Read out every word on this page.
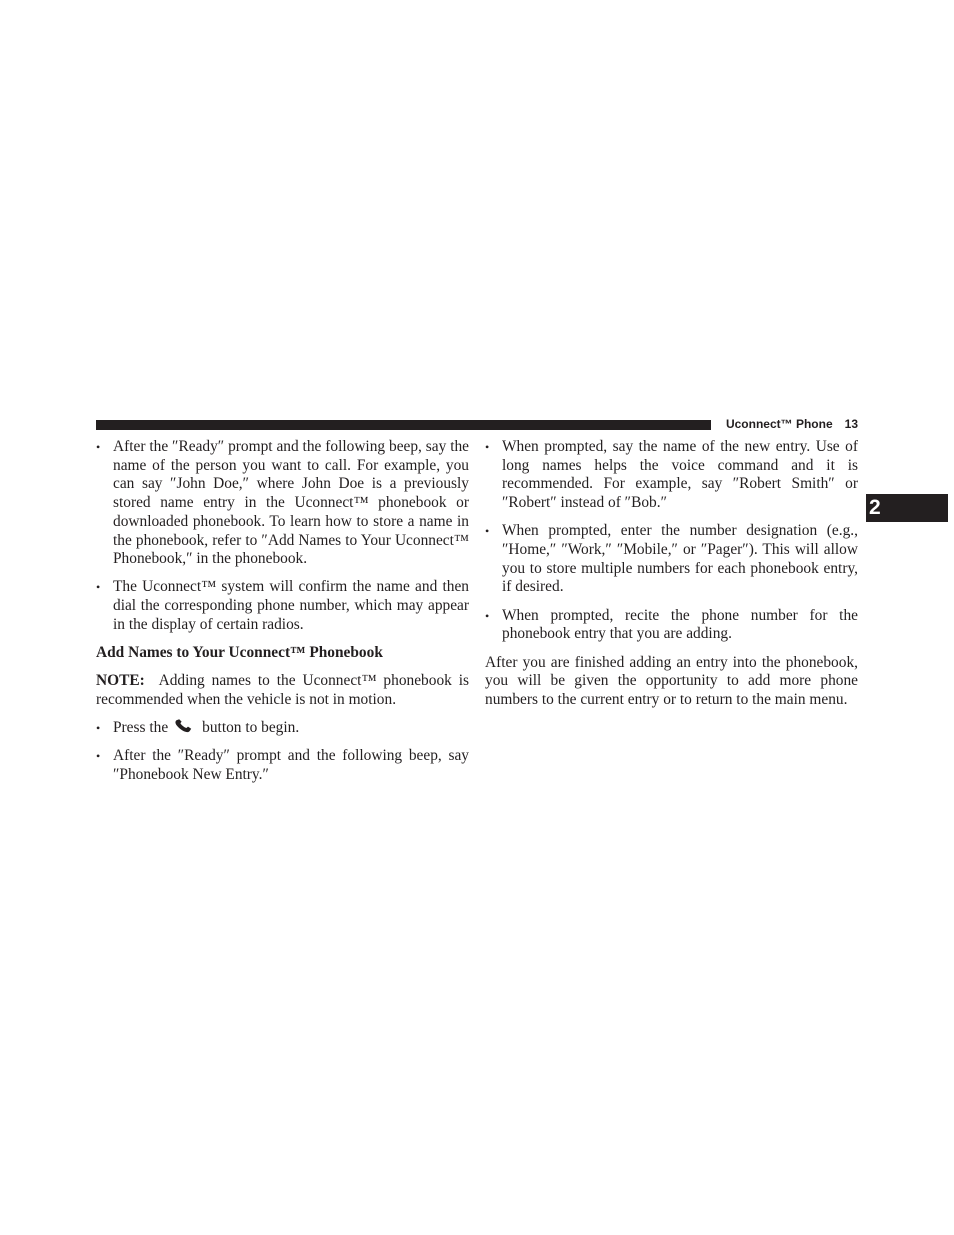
Uconnect™ Phone 13
2
• After the ″Ready″ prompt and the following beep, say the name of the person you want to call. For example, you can say ″John Doe,″ where John Doe is a previously stored name entry in the Uconnect™ phonebook or downloaded phonebook. To learn how to store a name in the phonebook, refer to ″Add Names to Your Uconnect™ Phonebook,″ in the phonebook.
• The Uconnect™ system will confirm the name and then dial the corresponding phone number, which may appear in the display of certain radios.
Add Names to Your Uconnect™ Phonebook

NOTE: Adding names to the Uconnect™ phonebook is recommended when the vehicle is not in motion.

• Press the button to begin.
• After the ″Ready″ prompt and the following beep, say ″Phonebook New Entry.″
• When prompted, say the name of the new entry. Use of long names helps the voice command and it is recommended. For example, say ″Robert Smith″ or ″Robert″ instead of ″Bob.″
• When prompted, enter the number designation (e.g., ″Home,″ ″Work,″ ″Mobile,″ or ″Pager″). This will allow you to store multiple numbers for each phonebook entry, if desired.
• When prompted, recite the phone number for the phonebook entry that you are adding.

After you are finished adding an entry into the phonebook, you will be given the opportunity to add more phone numbers to the current entry or to return to the main menu.
